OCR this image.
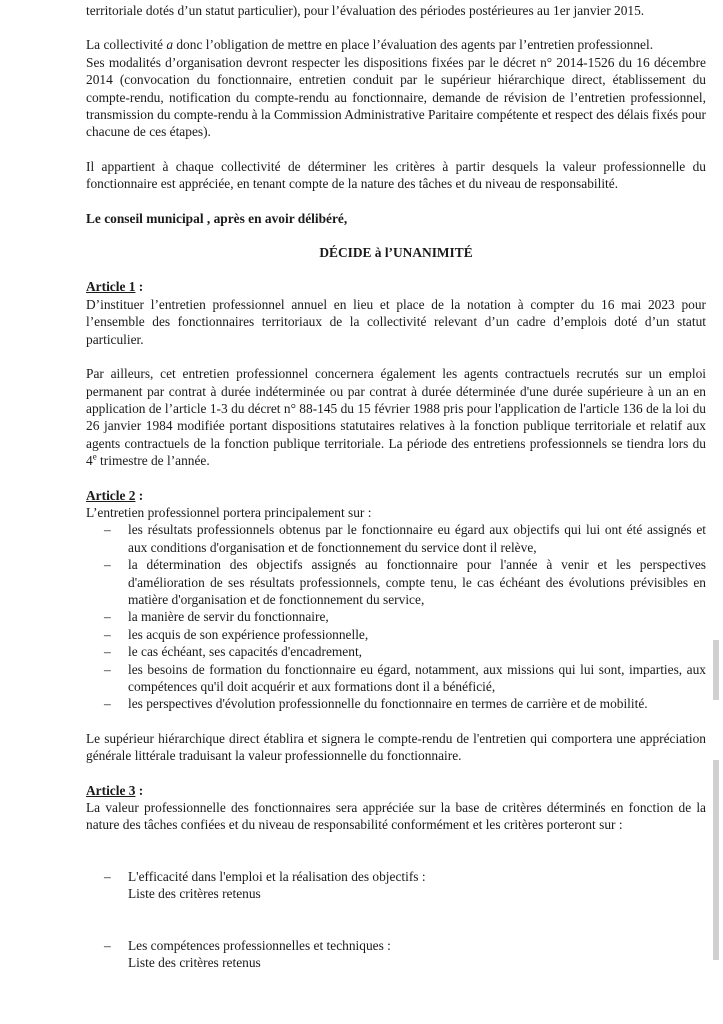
territoriale dotés d’un statut particulier), pour l’évaluation des périodes postérieures au 1er janvier 2015.

La collectivité a donc l’obligation de mettre en place l’évaluation des agents par l’entretien professionnel.

Ses modalités d’organisation devront respecter les dispositions fixées par le décret n° 2014-1526 du 16 décembre 2014 (convocation du fonctionnaire, entretien conduit par le supérieur hiérarchique direct, établissement du compte-rendu, notification du compte-rendu au fonctionnaire, demande de révision de l’entretien professionnel, transmission du compte-rendu à la Commission Administrative Paritaire compétente et respect des délais fixés pour chacune de ces étapes).

Il appartient à chaque collectivité de déterminer les critères à partir desquels la valeur professionnelle du fonctionnaire est appréciée, en tenant compte de la nature des tâches et du niveau de responsabilité.

Le conseil municipal , après en avoir délibéré,

DÉCIDE à l’UNANIMITÉ

Article 1 :

D’instituer l’entretien professionnel annuel en lieu et place de la notation à compter du 16 mai 2023 pour l’ensemble des fonctionnaires territoriaux de la collectivité relevant d’un cadre d’emplois doté d’un statut particulier.

Par ailleurs, cet entretien professionnel concernera également les agents contractuels recrutés sur un emploi permanent par contrat à durée indéterminée ou par contrat à durée déterminée d'une durée supérieure à un an en application de l’article 1-3 du décret n° 88-145 du 15 février 1988 pris pour l'application de l'article 136 de la loi du 26 janvier 1984 modifiée portant dispositions statutaires relatives à la fonction publique territoriale et relatif aux agents contractuels de la fonction publique territoriale. La période des entretiens professionnels se tiendra lors du 4e trimestre de l’année.

Article 2 :

L’entretien professionnel portera principalement sur :

– les résultats professionnels obtenus par le fonctionnaire eu égard aux objectifs qui lui ont été assignés et aux conditions d'organisation et de fonctionnement du service dont il relève,
– la détermination des objectifs assignés au fonctionnaire pour l'année à venir et les perspectives d'amélioration de ses résultats professionnels, compte tenu, le cas échéant des évolutions prévisibles en matière d'organisation et de fonctionnement du service,
– la manière de servir du fonctionnaire,
– les acquis de son expérience professionnelle,
– le cas échéant, ses capacités d'encadrement,
– les besoins de formation du fonctionnaire eu égard, notamment, aux missions qui lui sont, imparties, aux compétences qu'il doit acquérir et aux formations dont il a bénéficié,
– les perspectives d'évolution professionnelle du fonctionnaire en termes de carrière et de mobilité.

Le supérieur hiérarchique direct établira et signera le compte-rendu de l'entretien qui comportera une appréciation générale littérale traduisant la valeur professionnelle du fonctionnaire.

Article 3 :

La valeur professionnelle des fonctionnaires sera appréciée sur la base de critères déterminés en fonction de la nature des tâches confiées et du niveau de responsabilité conformément et les critères porteront sur :

– L'efficacité dans l'emploi et la réalisation des objectifs :
Liste des critères retenus
– Les compétences professionnelles et techniques :
Liste des critères retenus
